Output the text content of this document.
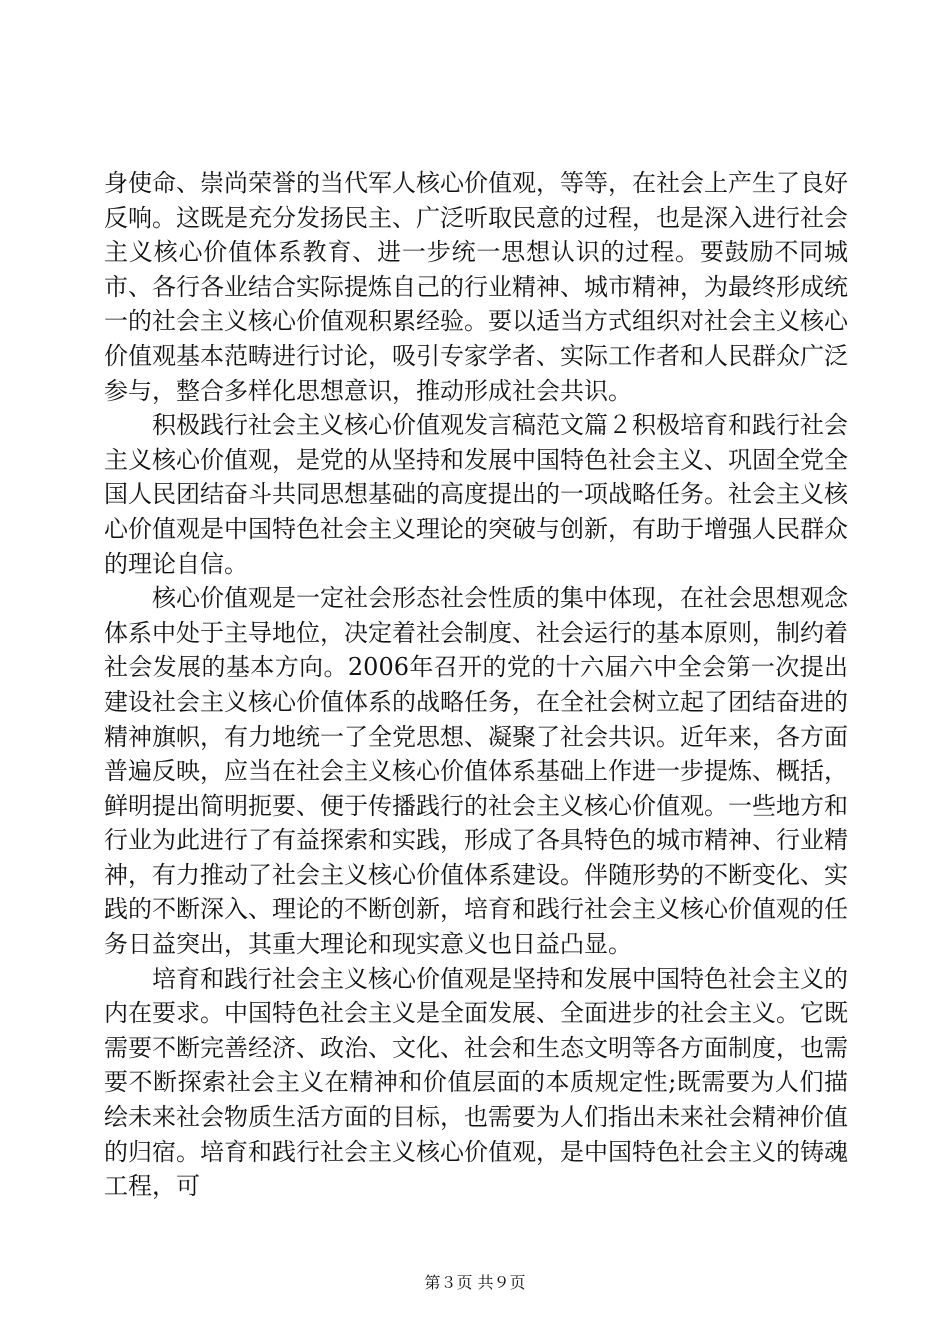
身使命、崇尚荣誉的当代军人核心价值观，等等，在社会上产生了良好反响。这既是充分发扬民主、广泛听取民意的过程，也是深入进行社会主义核心价值体系教育、进一步统一思想认识的过程。要鼓励不同城市、各行各业结合实际提炼自己的行业精神、城市精神，为最终形成统一的社会主义核心价值观积累经验。要以适当方式组织对社会主义核心价值观基本范畴进行讨论，吸引专家学者、实际工作者和人民群众广泛参与，整合多样化思想意识，推动形成社会共识。

积极践行社会主义核心价值观发言稿范文篇２积极培育和践行社会主义核心价值观，是党的从坚持和发展中国特色社会主义、巩固全党全国人民团结奋斗共同思想基础的高度提出的一项战略任务。社会主义核心价值观是中国特色社会主义理论的突破与创新，有助于增强人民群众的理论自信。

核心价值观是一定社会形态社会性质的集中体现，在社会思想观念体系中处于主导地位，决定着社会制度、社会运行的基本原则，制约着社会发展的基本方向。2006年召开的党的十六届六中全会第一次提出建设社会主义核心价值体系的战略任务，在全社会树立起了团结奋进的精神旗帜，有力地统一了全党思想、凝聚了社会共识。近年来，各方面普遍反映，应当在社会主义核心价值体系基础上作进一步提炼、概括，鲜明提出简明扼要、便于传播践行的社会主义核心价值观。一些地方和行业为此进行了有益探索和实践，形成了各具特色的城市精神、行业精神，有力推动了社会主义核心价值体系建设。伴随形势的不断变化、实践的不断深入、理论的不断创新，培育和践行社会主义核心价值观的任务日益突出，其重大理论和现实意义也日益凸显。

培育和践行社会主义核心价值观是坚持和发展中国特色社会主义的内在要求。中国特色社会主义是全面发展、全面进步的社会主义。它既需要不断完善经济、政治、文化、社会和生态文明等各方面制度，也需要不断探索社会主义在精神和价值层面的本质规定性;既需要为人们描绘未来社会物质生活方面的目标，也需要为人们指出未来社会精神价值的归宿。培育和践行社会主义核心价值观，是中国特色社会主义的铸魂工程，可

第３页 共９页
